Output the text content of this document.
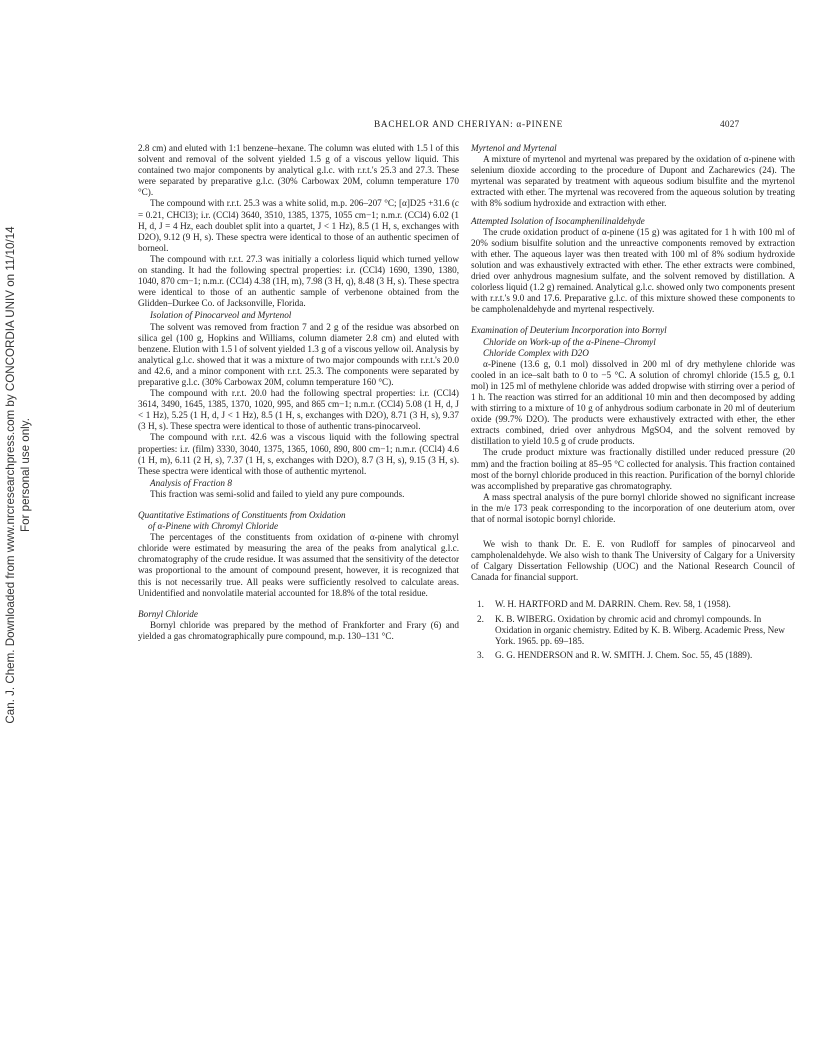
Can. J. Chem. Downloaded from www.nrcresearchpress.com by CONCORDIA UNIV on 11/10/14 For personal use only.
BACHELOR AND CHERIYAN: α-PINENE	4027

2.8 cm) and eluted with 1:1 benzene–hexane. The column was eluted with 1.5 l of this solvent and removal of the solvent yielded 1.5 g of a viscous yellow liquid. This contained two major components by analytical g.l.c. with r.r.t.'s 25.3 and 27.3. These were separated by preparative g.l.c. (30% Carbowax 20M, column temperature 170 °C).

The compound with r.r.t. 25.3 was a white solid, m.p. 206–207 °C; [α]D25 +31.6 (c = 0.21, CHCl3); i.r. (CCl4) 3640, 3510, 1385, 1375, 1055 cm−1; n.m.r. (CCl4) 6.02 (1 H, d, J = 4 Hz, each doublet split into a quartet, J < 1 Hz), 8.5 (1 H, s, exchanges with D2O), 9.12 (9 H, s). These spectra were identical to those of an authentic specimen of borneol.

The compound with r.r.t. 27.3 was initially a colorless liquid which turned yellow on standing. It had the following spectral properties: i.r. (CCl4) 1690, 1390, 1380, 1040, 870 cm−1; n.m.r. (CCl4) 4.38 (1H, m), 7.98 (3 H, q), 8.48 (3 H, s). These spectra were identical to those of an authentic sample of verbenone obtained from the Glidden–Durkee Co. of Jacksonville, Florida.

Isolation of Pinocarveol and Myrtenol

The solvent was removed from fraction 7 and 2 g of the residue was absorbed on silica gel (100 g, Hopkins and Williams, column diameter 2.8 cm) and eluted with benzene. Elution with 1.5 l of solvent yielded 1.3 g of a viscous yellow oil. Analysis by analytical g.l.c. showed that it was a mixture of two major compounds with r.r.t.'s 20.0 and 42.6, and a minor component with r.r.t. 25.3. The components were separated by preparative g.l.c. (30% Carbowax 20M, column temperature 160 °C).

The compound with r.r.t. 20.0 had the following spectral properties: i.r. (CCl4) 3614, 3490, 1645, 1385, 1370, 1020, 995, and 865 cm−1; n.m.r. (CCl4) 5.08 (1 H, d, J < 1 Hz), 5.25 (1 H, d, J < 1 Hz), 8.5 (1 H, s, exchanges with D2O), 8.71 (3 H, s), 9.37 (3 H, s). These spectra were identical to those of authentic trans-pinocarveol.

The compound with r.r.t. 42.6 was a viscous liquid with the following spectral properties: i.r. (film) 3330, 3040, 1375, 1365, 1060, 890, 800 cm−1; n.m.r. (CCl4) 4.6 (1 H, m), 6.11 (2 H, s), 7.37 (1 H, s, exchanges with D2O), 8.7 (3 H, s), 9.15 (3 H, s). These spectra were identical with those of authentic myrtenol.

Analysis of Fraction 8

This fraction was semi-solid and failed to yield any pure compounds.

Quantitative Estimations of Constituents from Oxidation
of α-Pinene with Chromyl Chloride

The percentages of the constituents from oxidation of α-pinene with chromyl chloride were estimated by measuring the area of the peaks from analytical g.l.c. chromatography of the crude residue. It was assumed that the sensitivity of the detector was proportional to the amount of compound present, however, it is recognized that this is not necessarily true. All peaks were sufficiently resolved to calculate areas. Unidentified and nonvolatile material accounted for 18.8% of the total residue.

Bornyl Chloride

Bornyl chloride was prepared by the method of Frankforter and Frary (6) and yielded a gas chromatographically pure compound, m.p. 130–131 °C.

Myrtenol and Myrtenal

A mixture of myrtenol and myrtenal was prepared by the oxidation of α-pinene with selenium dioxide according to the procedure of Dupont and Zacharewics (24). The myrtenal was separated by treatment with aqueous sodium bisulfite and the myrtenol extracted with ether. The myrtenal was recovered from the aqueous solution by treating with 8% sodium hydroxide and extraction with ether.

Attempted Isolation of Isocamphenilinaldehyde

The crude oxidation product of α-pinene (15 g) was agitated for 1 h with 100 ml of 20% sodium bisulfite solution and the unreactive components removed by extraction with ether. The aqueous layer was then treated with 100 ml of 8% sodium hydroxide solution and was exhaustively extracted with ether. The ether extracts were combined, dried over anhydrous magnesium sulfate, and the solvent removed by distillation. A colorless liquid (1.2 g) remained. Analytical g.l.c. showed only two components present with r.r.t.'s 9.0 and 17.6. Preparative g.l.c. of this mixture showed these components to be campholenaldehyde and myrtenal respectively.

Examination of Deuterium Incorporation into Bornyl
Chloride on Work-up of the α-Pinene–Chromyl
Chloride Complex with D2O

α-Pinene (13.6 g, 0.1 mol) dissolved in 200 ml of dry methylene chloride was cooled in an ice–salt bath to 0 to −5 °C. A solution of chromyl chloride (15.5 g, 0.1 mol) in 125 ml of methylene chloride was added dropwise with stirring over a period of 1 h. The reaction was stirred for an additional 10 min and then decomposed by adding with stirring to a mixture of 10 g of anhydrous sodium carbonate in 20 ml of deuterium oxide (99.7% D2O). The products were exhaustively extracted with ether, the ether extracts combined, dried over anhydrous MgSO4, and the solvent removed by distillation to yield 10.5 g of crude products.

The crude product mixture was fractionally distilled under reduced pressure (20 mm) and the fraction boiling at 85–95 °C collected for analysis. This fraction contained most of the bornyl chloride produced in this reaction. Purification of the bornyl chloride was accomplished by preparative gas chromatography.

A mass spectral analysis of the pure bornyl chloride showed no significant increase in the m/e 173 peak corresponding to the incorporation of one deuterium atom, over that of normal isotopic bornyl chloride.

We wish to thank Dr. E. E. von Rudloff for samples of pinocarveol and campholenaldehyde. We also wish to thank The University of Calgary for a University of Calgary Dissertation Fellowship (UOC) and the National Research Council of Canada for financial support.

1. W. H. HARTFORD and M. DARRIN. Chem. Rev. 58, 1 (1958).
2. K. B. WIBERG. Oxidation by chromic acid and chromyl compounds. In Oxidation in organic chemistry. Edited by K. B. Wiberg. Academic Press, New York. 1965. pp. 69–185.
3. G. G. HENDERSON and R. W. SMITH. J. Chem. Soc. 55, 45 (1889).
